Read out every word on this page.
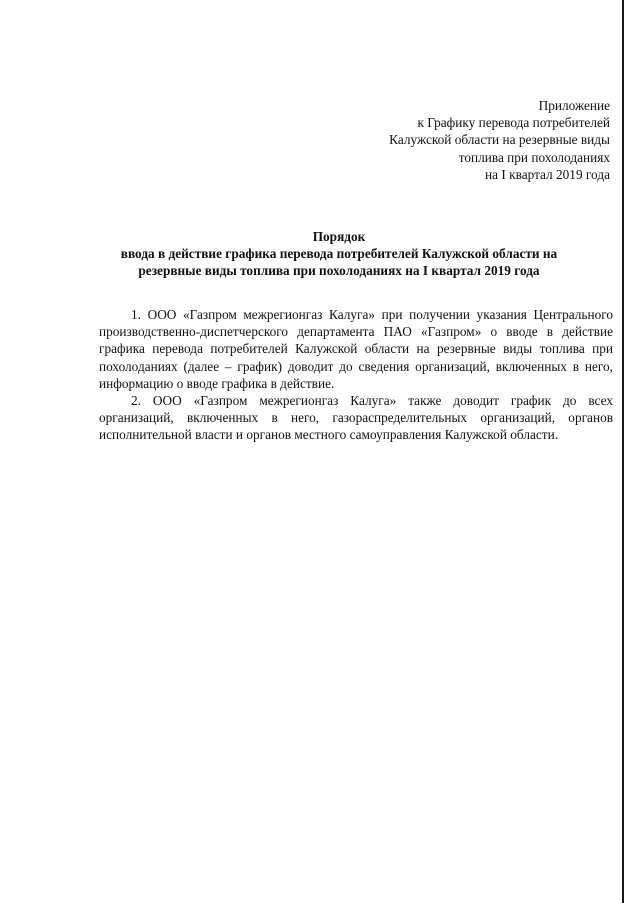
Приложение
к Графику перевода потребителей
Калужской области на резервные виды
топлива при похолоданиях
на I квартал 2019 года
Порядок
ввода в действие графика перевода потребителей Калужской области на
резервные виды топлива при похолоданиях на I квартал 2019 года

1. ООО «Газпром межрегионгаз Калуга» при получении указания Центрального производственно-диспетчерского департамента ПАО «Газпром» о вводе в действие графика перевода потребителей Калужской области на резервные виды топлива при похолоданиях (далее – график) доводит до сведения организаций, включенных в него, информацию о вводе графика в действие.

2. ООО «Газпром межрегионгаз Калуга» также доводит график до всех организаций, включенных в него, газораспределительных организаций, органов исполнительной власти и органов местного самоуправления Калужской области.
